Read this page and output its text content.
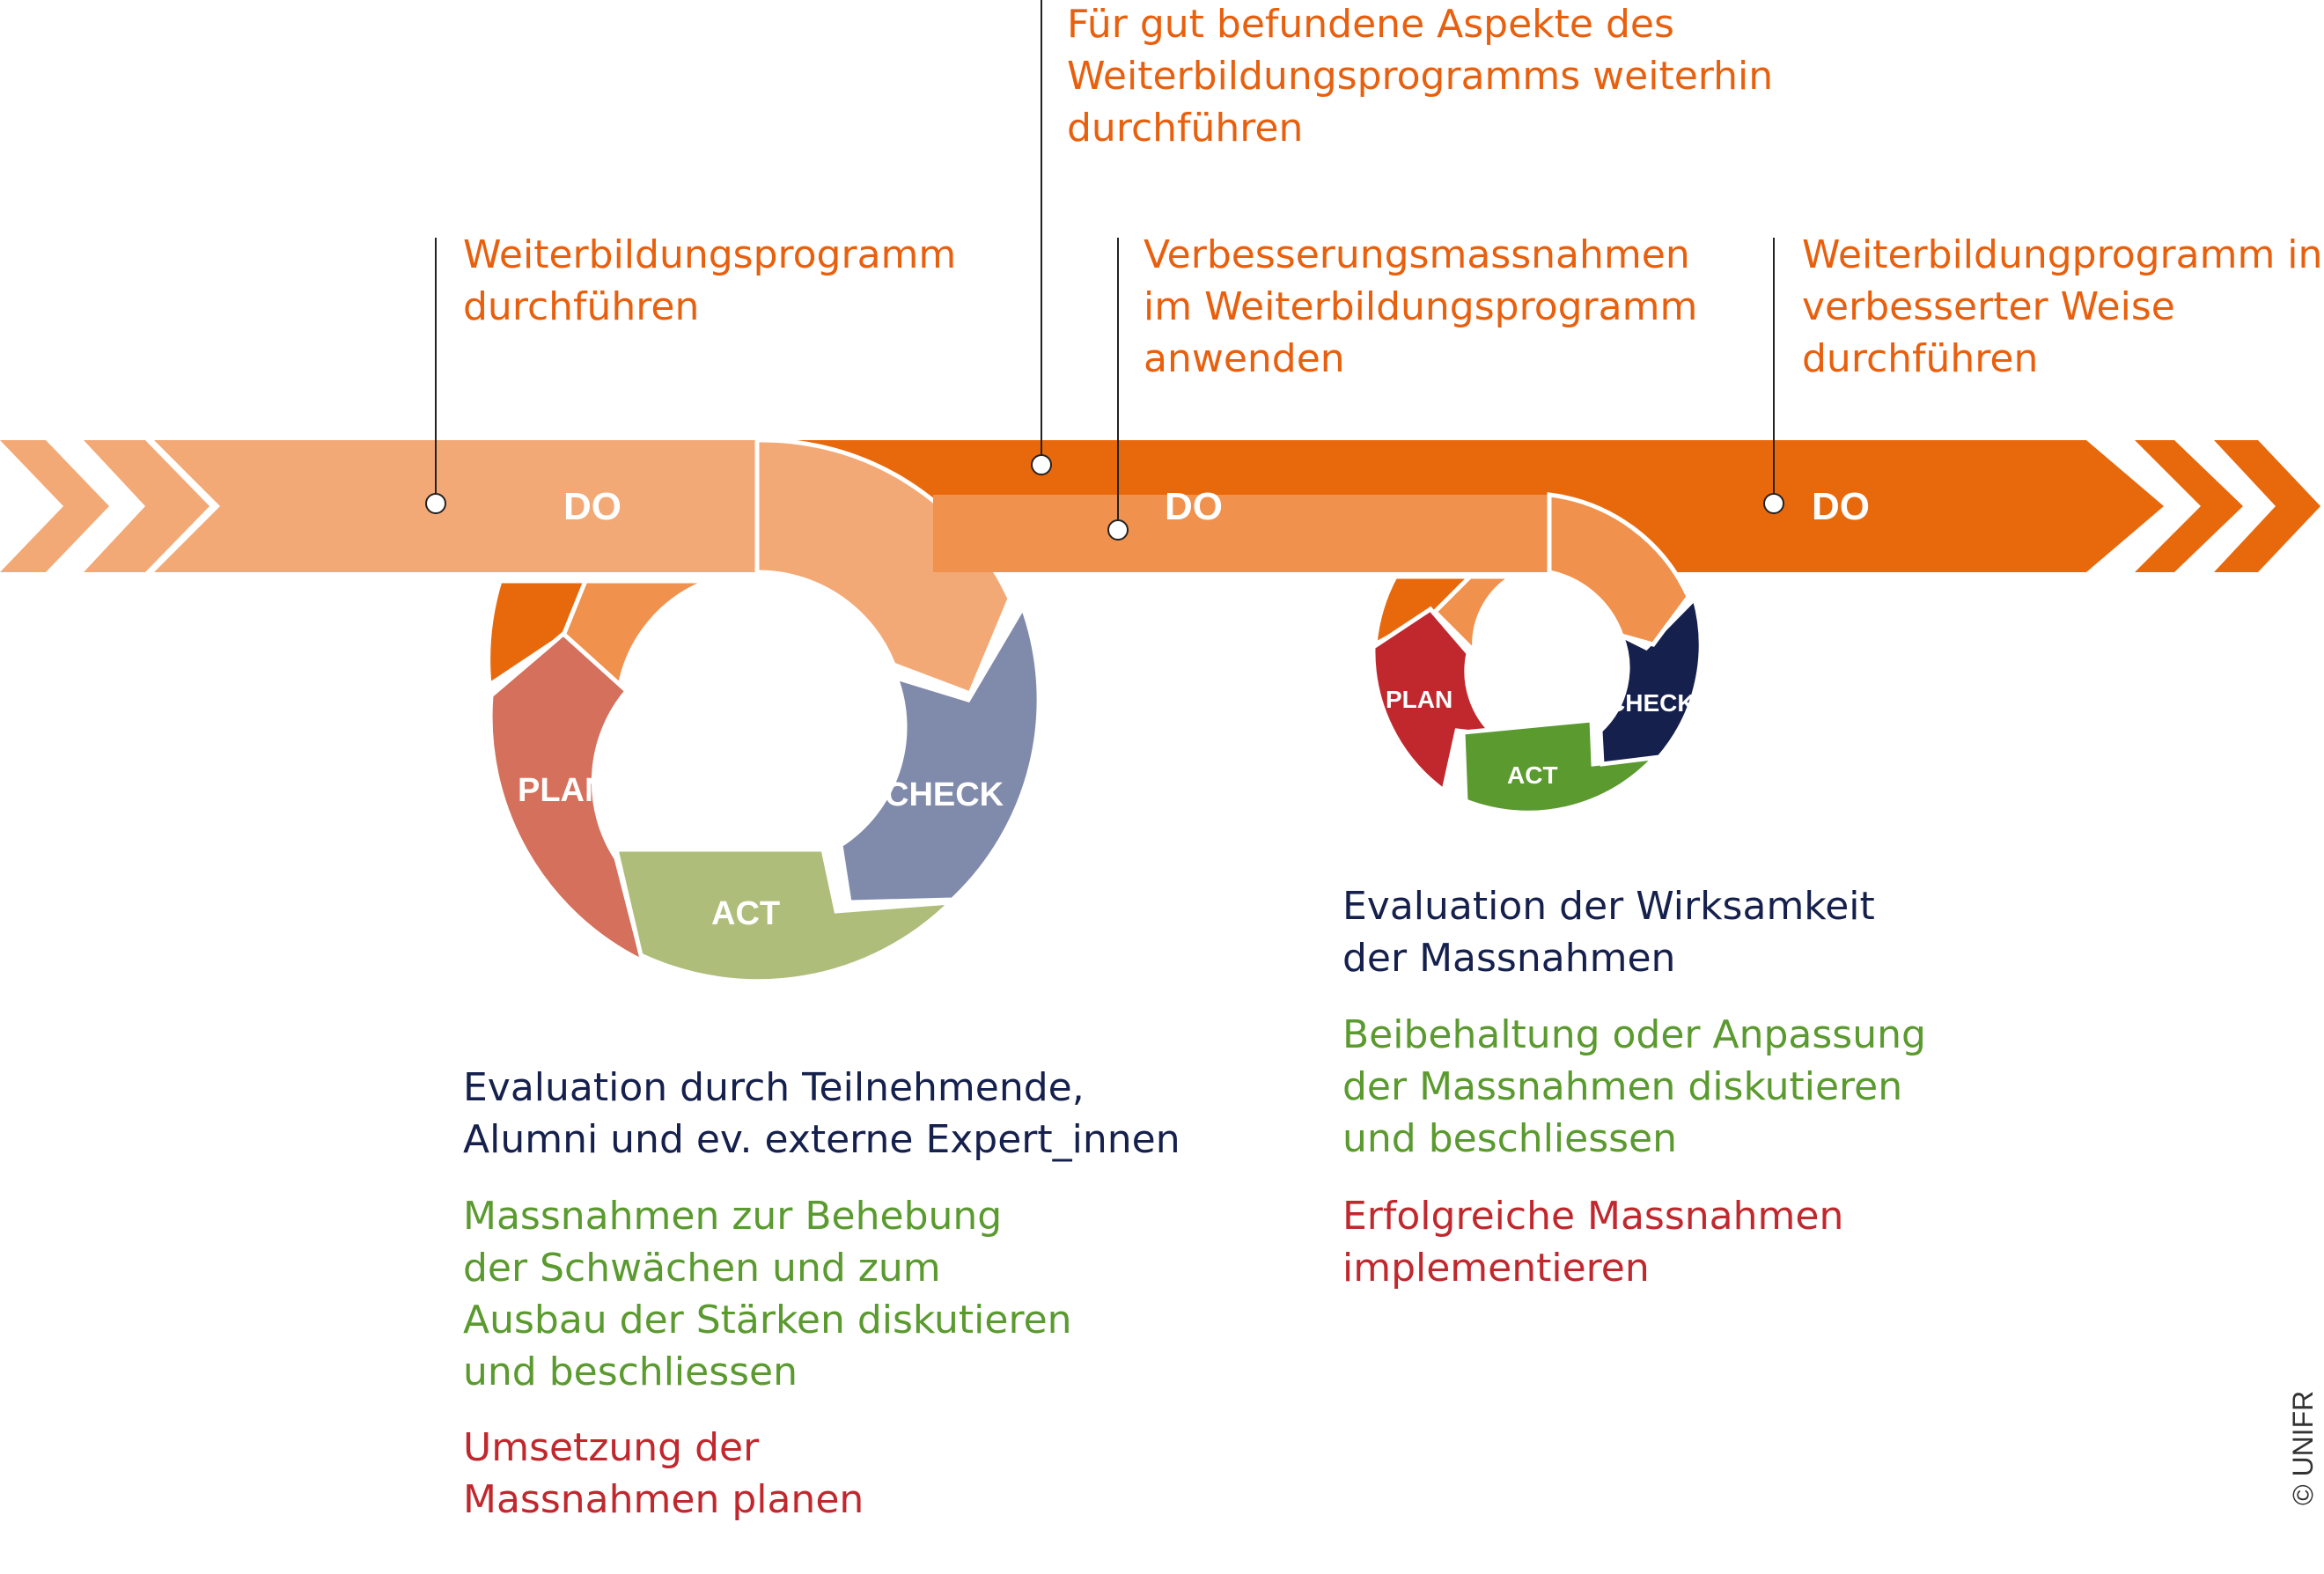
PLAN
ACT
CHECK
PLAN
ACT
CHECK
DO	DO	DO
Weiterbildungsprogramm
durchführen
Für gut befundene Aspekte des
Weiterbildungsprogramms weiterhin
durchführen
Verbesserungsmassnahmen
im Weiterbildungsprogramm
anwenden
Weiterbildungprogramm in
verbesserter Weise
durchführen
Evaluation durch Teilnehmende,
Alumni und ev. externe Expert_innen
Massnahmen zur Behebung
der Schwächen und zum
Ausbau der Stärken diskutieren
und beschliessen
Umsetzung der
Massnahmen planen
Evaluation der Wirksamkeit
der Massnahmen
Beibehaltung oder Anpassung
der Massnahmen diskutieren
und beschliessen
Erfolgreiche Massnahmen
implementieren
© UNIFR
